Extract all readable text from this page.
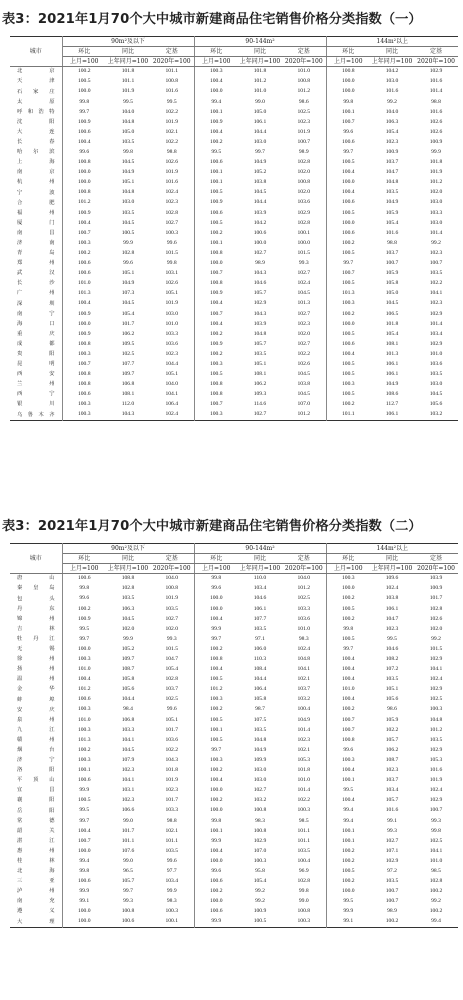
表3：2021年1月70个大中城市新建商品住宅销售价格分类指数（一）
城市	90m²及以下			90-144m²			144m²以上		
	环比	同比	定基	环比	同比	定基	环比	同比	定基
	上月=100	上年同月=100	2020年=100	上月=100	上年同月=100	2020年=100	上月=100	上年同月=100	2020年=100
北京	100.2	101.8	101.1	100.3	101.8	101.0	100.8	104.2	102.9
天津	100.5	101.1	100.8	100.4	101.2	100.8	100.0	103.0	101.6
石家庄	100.0	101.9	101.6	100.0	101.0	101.2	100.0	101.6	101.4
太原	99.8	99.5	99.5	99.4	99.0	98.6	99.8	99.2	98.8
呼和浩特	99.7	104.0	102.2	100.1	105.0	102.5	100.1	104.0	101.6
沈阳	100.9	104.8	101.9	100.9	106.1	102.3	100.7	106.3	102.6
大连	100.6	105.0	102.1	100.4	104.4	101.9	99.6	105.4	102.6
长春	100.4	103.5	102.2	100.2	103.0	100.7	100.6	102.3	100.9
哈尔滨	99.6	99.8	98.8	99.5	99.7	98.9	99.7	100.9	99.9
上海	100.8	104.5	102.6	100.6	104.9	102.8	100.5	103.7	101.8
南京	100.0	104.9	101.9	100.1	105.2	102.0	100.4	104.7	101.9
杭州	100.0	105.1	101.6	100.1	103.8	100.8	100.0	104.8	101.2
宁波	100.8	104.8	102.4	100.5	104.5	102.0	100.4	103.5	102.0
合肥	101.2	103.0	102.3	100.9	104.4	103.6	100.6	104.9	103.0
福州	100.9	103.5	102.8	100.6	103.9	102.9	100.5	105.9	103.3
厦门	100.4	104.5	102.7	100.5	104.2	102.8	100.0	105.4	103.0
南昌	100.7	100.5	100.3	100.2	100.6	100.1	100.6	101.6	101.4
济南	100.3	99.9	99.6	100.1	100.0	100.0	100.2	98.8	99.2
青岛	100.2	102.8	101.5	100.8	102.7	101.5	100.5	103.7	102.3
郑州	100.6	99.6	99.8	100.0	98.9	99.3	99.7	100.7	100.7
武汉	100.6	105.1	103.1	100.7	104.3	102.7	100.7	105.9	103.5
长沙	101.0	104.9	102.6	100.8	104.6	102.4	100.5	105.8	102.2
广州	101.3	107.3	105.1	100.9	105.7	104.5	101.3	105.0	104.1
深圳	100.4	104.5	101.9	100.4	102.9	101.3	100.3	104.5	102.3
南宁	100.9	105.4	103.0	100.7	104.3	102.7	100.2	106.5	102.9
海口	100.0	101.7	101.0	100.4	103.9	102.3	100.0	101.8	101.4
重庆	100.9	106.2	103.3	100.2	104.8	102.0	100.5	105.4	103.4
成都	100.8	109.5	103.6	100.9	105.7	102.7	100.6	108.1	102.9
贵阳	100.3	102.5	102.3	100.2	103.5	102.2	100.4	101.3	101.0
昆明	100.7	107.7	104.4	100.3	105.1	102.6	100.5	106.1	103.6
西安	100.8	109.7	105.1	100.5	108.1	104.5	100.5	106.1	103.5
兰州	100.8	106.8	104.0	100.8	106.2	103.8	100.3	104.9	103.0
西宁	100.6	108.1	104.1	100.8	109.3	104.5	100.5	108.6	104.5
银川	100.3	112.0	106.4	100.7	114.6	107.0	100.2	112.7	105.6
乌鲁木齐	100.3	104.3	102.4	100.3	102.7	101.2	101.1	106.1	103.2
表3：2021年1月70个大中城市新建商品住宅销售价格分类指数（二）
城市	90m²及以下			90-144m²			144m²以上		
	环比	同比	定基	环比	同比	定基	环比	同比	定基
	上月=100	上年同月=100	2020年=100	上月=100	上年同月=100	2020年=100	上月=100	上年同月=100	2020年=100
唐山	100.6	108.8	104.0	99.8	110.0	104.0	100.3	109.6	103.9
秦皇岛	99.8	102.8	100.8	99.6	103.4	101.2	100.0	102.4	100.9
包头	99.6	103.5	101.9	100.0	104.6	102.5	100.2	103.8	101.7
丹东	100.2	106.3	103.5	100.0	106.1	103.3	100.5	106.1	102.8
锦州	100.9	104.5	102.7	100.4	107.7	103.6	100.2	104.7	102.6
吉林	99.5	102.0	102.0	99.9	103.5	101.0	99.8	102.3	102.0
牡丹江	99.7	99.9	99.3	99.7	97.1	98.3	100.5	99.5	99.2
无锡	100.0	105.2	101.5	100.2	106.0	102.4	99.7	104.6	101.5
徐州	100.3	109.7	104.7	100.8	110.3	104.8	100.4	108.2	102.9
扬州	101.0	108.7	105.4	100.4	108.4	104.1	100.4	107.2	104.1
温州	100.4	105.8	102.8	100.5	104.4	102.1	100.4	103.5	102.4
金华	101.2	105.6	103.7	101.2	106.4	103.7	101.0	105.1	102.9
蚌埠	100.6	104.4	102.5	100.3	105.8	103.2	100.4	105.6	102.5
安庆	100.3	98.4	99.6	100.2	98.7	100.4	100.2	98.6	100.3
泉州	101.0	106.8	105.1	100.5	107.5	104.9	100.7	105.9	104.8
九江	100.3	103.3	101.7	100.1	103.5	101.4	100.7	102.2	101.2
赣州	101.3	104.1	103.6	100.5	104.8	102.3	100.8	105.7	103.5
烟台	100.2	104.5	102.2	99.7	104.9	102.1	99.6	106.2	102.9
济宁	100.3	107.9	104.3	100.3	109.9	105.3	100.3	108.7	105.3
洛阳	100.1	102.3	101.8	100.2	103.0	101.8	100.4	102.3	101.6
平顶山	100.6	104.1	101.9	100.4	103.0	101.0	100.1	103.7	101.9
宜昌	99.9	103.1	102.3	100.0	102.7	101.4	99.5	103.4	102.4
襄阳	100.5	102.3	101.7	100.2	103.2	102.2	100.4	105.7	102.9
岳阳	99.5	106.6	103.3	100.0	100.8	100.3	99.4	101.6	100.7
常德	99.7	99.0	98.8	99.8	98.3	98.5	99.4	99.1	99.3
韶关	100.4	101.7	102.1	100.1	100.8	101.1	100.1	99.3	99.8
湛江	100.7	101.1	101.1	99.9	102.9	101.1	100.1	102.7	102.5
惠州	100.0	107.6	103.5	100.4	107.0	103.5	100.2	107.1	104.1
桂林	99.4	99.0	99.6	100.0	100.3	100.4	100.2	102.9	101.0
北海	99.8	96.5	97.7	99.6	95.8	96.9	100.5	97.2	98.5
三亚	100.6	105.7	103.4	100.6	105.4	102.8	100.2	103.5	102.8
泸州	99.9	99.7	99.9	100.2	99.2	99.8	100.0	100.7	100.2
南充	99.1	99.3	98.3	100.0	99.2	99.0	99.5	100.7	99.2
遵义	100.0	100.8	100.3	100.6	100.9	100.8	99.9	98.9	100.2
大理	100.0	100.6	100.1	99.9	100.5	100.3	99.1	100.2	99.4
